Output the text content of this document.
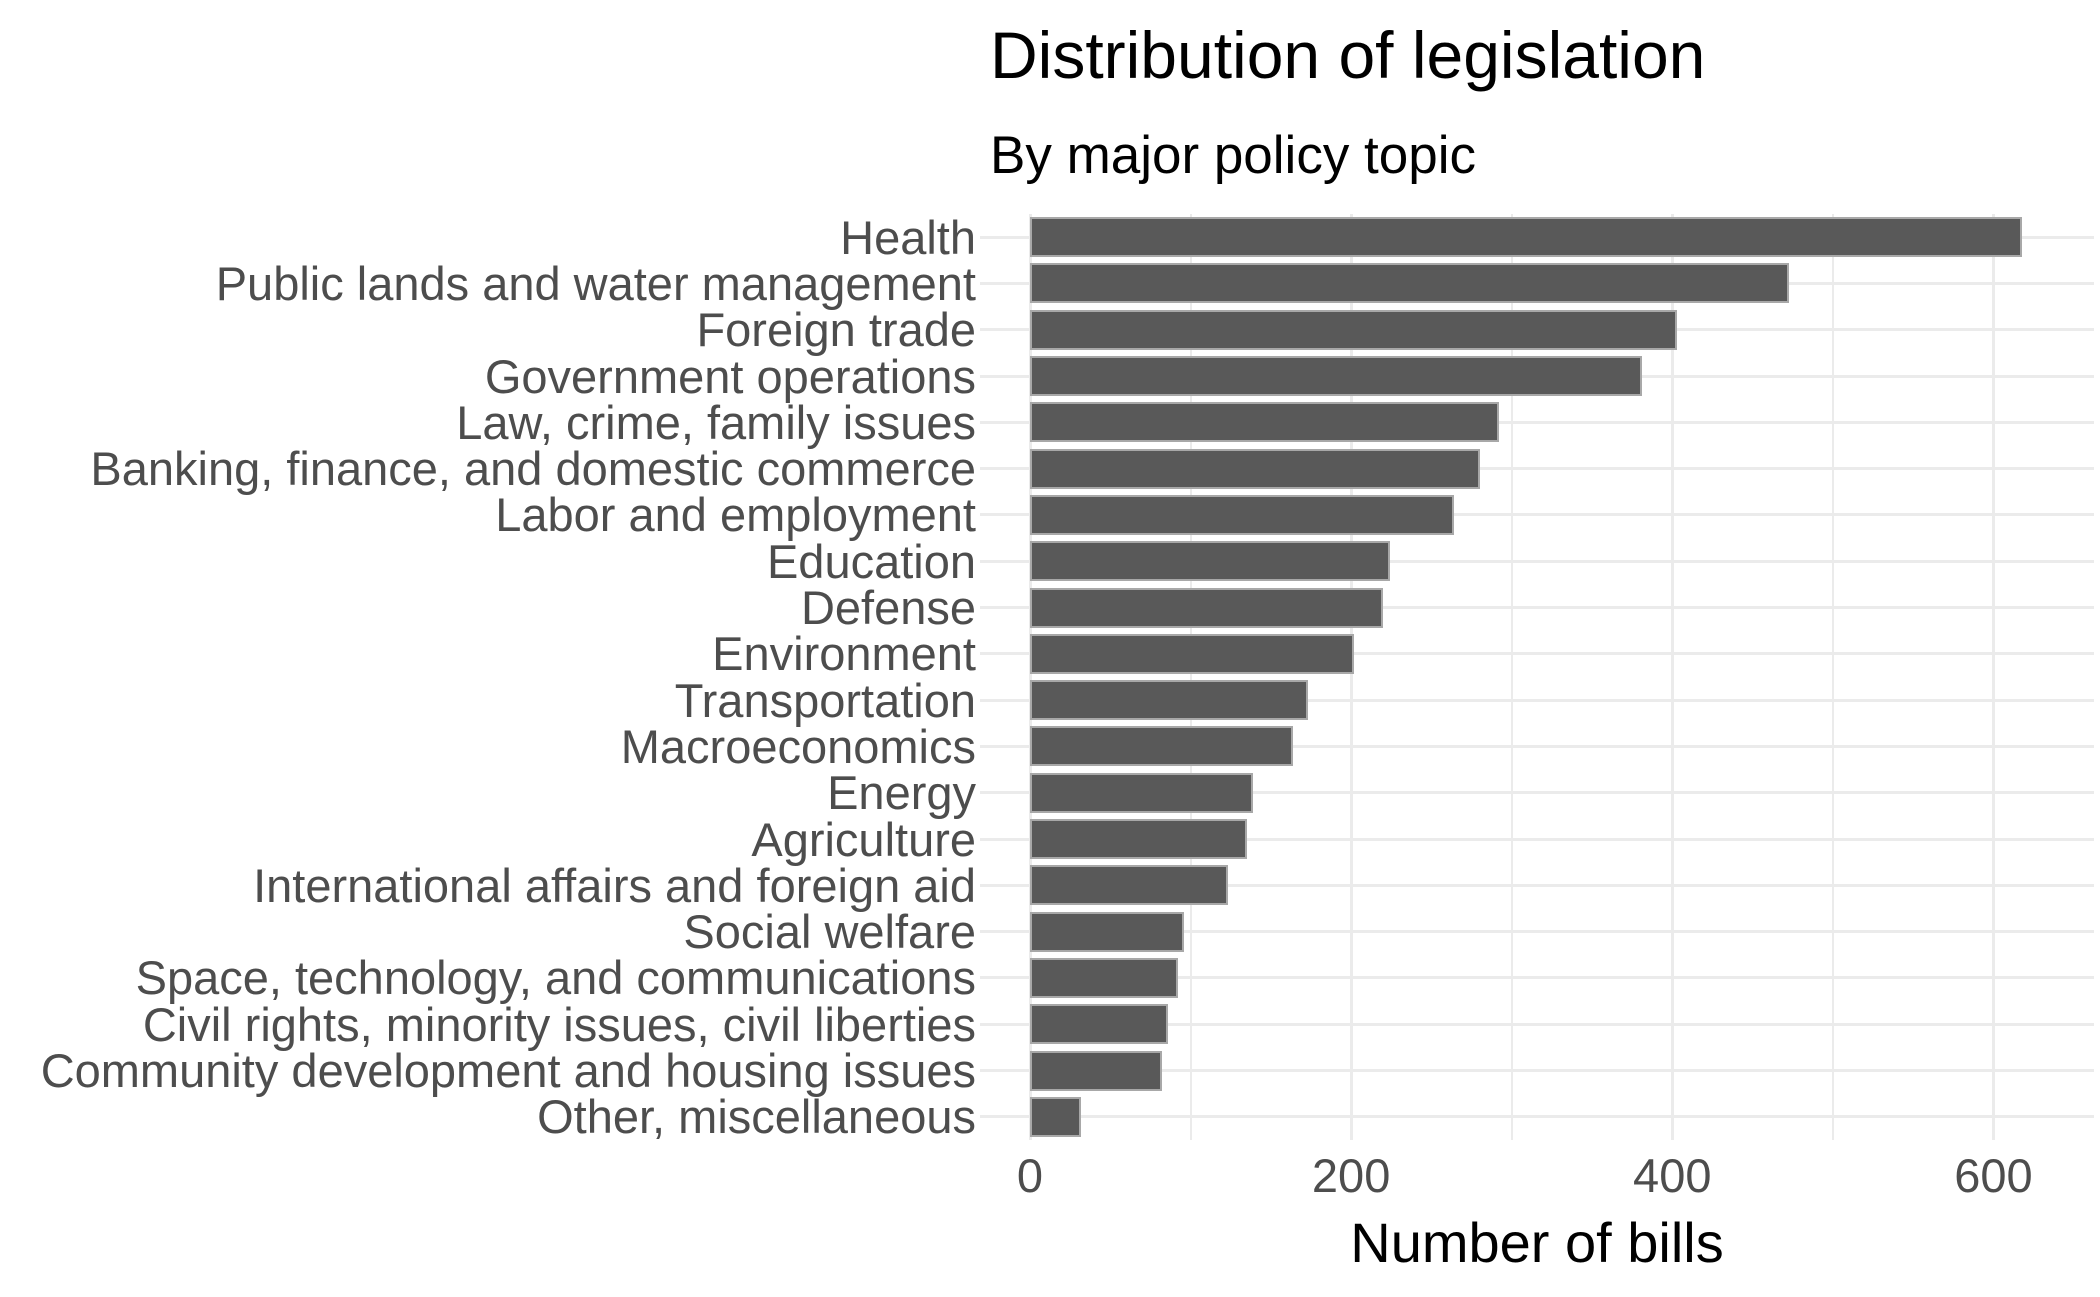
Distribution of legislation
By major policy topic
Health
Public lands and water management
Foreign trade
Government operations
Law, crime, family issues
Banking, finance, and domestic commerce
Labor and employment
Education
Defense
Environment
Transportation
Macroeconomics
Energy
Agriculture
International affairs and foreign aid
Social welfare
Space, technology, and communications
Civil rights, minority issues, civil liberties
Community development and housing issues
Other, miscellaneous
0	200	400	600
Number of bills
